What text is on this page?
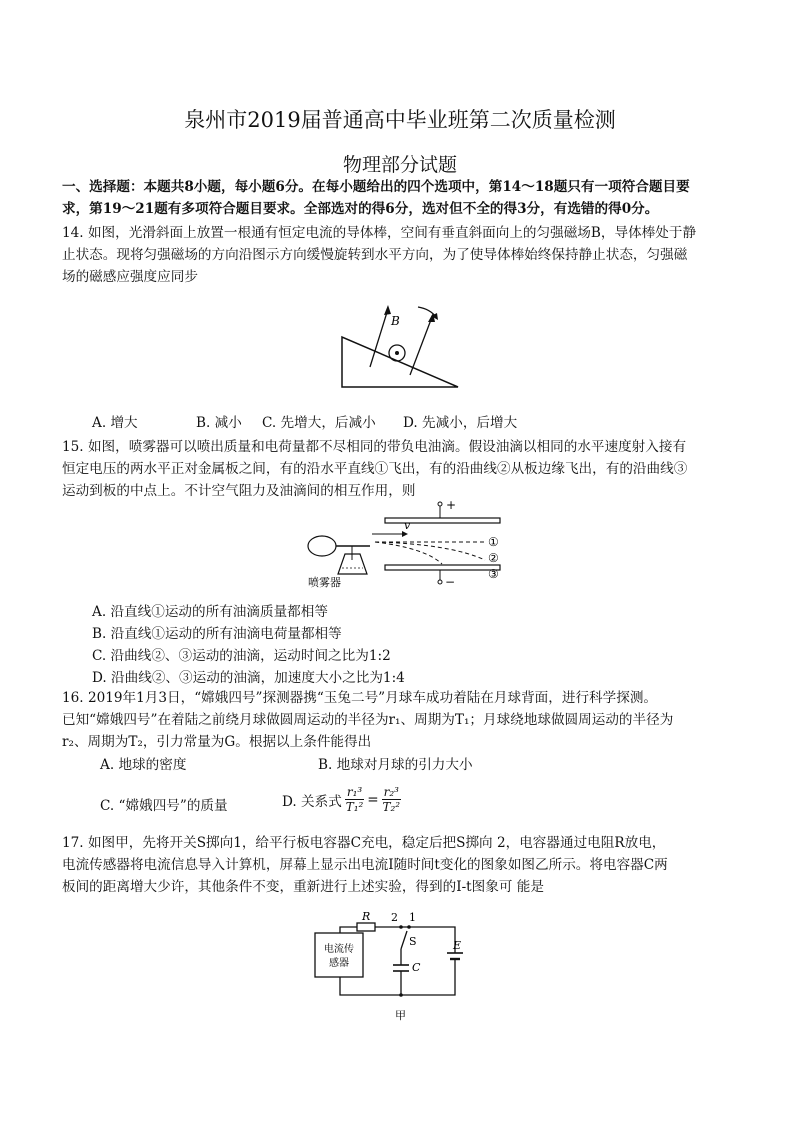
泉州市2019届普通高中毕业班第二次质量检测
物理部分试题
一、选择题：本题共8小题，每小题6分。在每小题给出的四个选项中，第14～18题只有一项符合题目要
求，第19～21题有多项符合题目要求。全部选对的得6分，选对但不全的得3分，有选错的得0分。
14. 如图，光滑斜面上放置一根通有恒定电流的导体棒，空间有垂直斜面向上的匀强磁场B，导体棒处于静
止状态。现将匀强磁场的方向沿图示方向缓慢旋转到水平方向，为了使导体棒始终保持静止状态，匀强磁
场的磁感应强度应同步
B
A. 增大	B. 减小 C. 先增大，后减小 D. 先减小，后增大
15. 如图，喷雾器可以喷出质量和电荷量都不尽相同的带负电油滴。假设油滴以相同的水平速度射入接有
恒定电压的两水平正对金属板之间，有的沿水平直线①飞出，有的沿曲线②从板边缘飞出，有的沿曲线③
运动到板的中点上。不计空气阻力及油滴间的相互作用，则
+
−
v
①
②
③
喷雾器
A. 沿直线①运动的所有油滴质量都相等
B. 沿直线①运动的所有油滴电荷量都相等
C. 沿曲线②、③运动的油滴，运动时间之比为1:2
D. 沿曲线②、③运动的油滴，加速度大小之比为1:4
16. 2019年1月3日，“嫦娥四号”探测器携“玉兔二号”月球车成功着陆在月球背面，进行科学探测。
已知“嫦娥四号”在着陆之前绕月球做圆周运动的半径为r₁、周期为T₁；月球绕地球做圆周运动的半径为
r₂、周期为T₂，引力常量为G。根据以上条件能得出
A. 地球的密度	B. 地球对月球的引力大小
C. “嫦娥四号”的质量	D. 关系式 $\frac{\text{r₁³}}{\text{T₁²}} = \frac{\text{r₂³}}{\text{T₂²}}$
17. 如图甲，先将开关S掷向1，给平行板电容器C充电，稳定后把S掷向 2，电容器通过电阻R放电，
电流传感器将电流信息导入计算机，屏幕上显示出电流I随时间t变化的图象如图乙所示。将电容器C两
板间的距离增大少许，其他条件不变，重新进行上述实验，得到的I-t图象可 能是
R 2 1
S
C
E
电流传
感器
甲
